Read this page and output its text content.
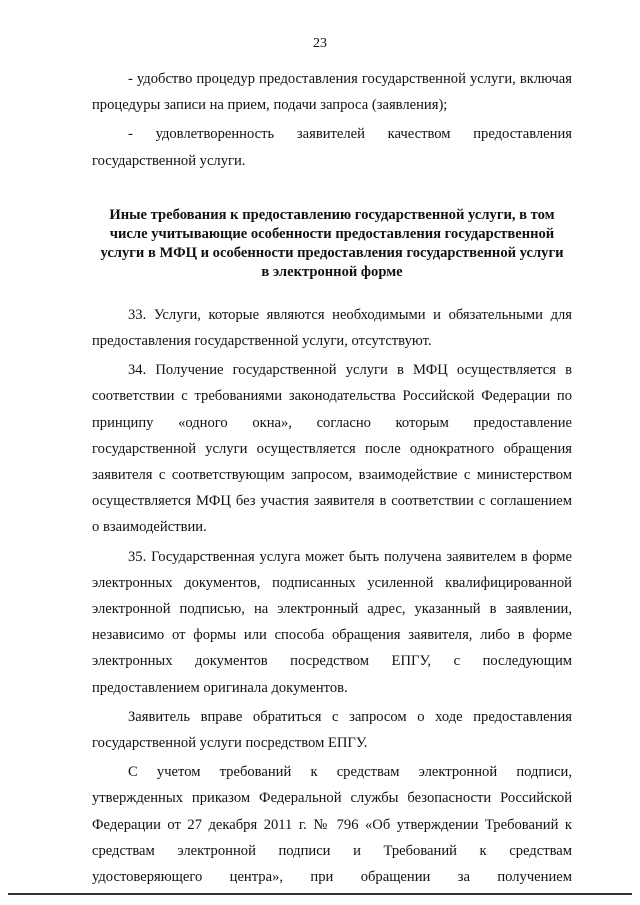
23

- удобство процедур предоставления государственной услуги, включая процедуры записи на прием, подачи запроса (заявления);

- удовлетворенность заявителей качеством предоставления государственной услуги.

Иные требования к предоставлению государственной услуги, в том числе учитывающие особенности предоставления государственной услуги в МФЦ и особенности предоставления государственной услуги в электронной форме

33. Услуги, которые являются необходимыми и обязательными для предоставления государственной услуги, отсутствуют.

34. Получение государственной услуги в МФЦ осуществляется в соответствии с требованиями законодательства Российской Федерации по принципу «одного окна», согласно которым предоставление государственной услуги осуществляется после однократного обращения заявителя с соответствующим запросом, взаимодействие с министерством осуществляется МФЦ без участия заявителя в соответствии с соглашением о взаимодействии.

35. Государственная услуга может быть получена заявителем в форме электронных документов, подписанных усиленной квалифицированной электронной подписью, на электронный адрес, указанный в заявлении, независимо от формы или способа обращения заявителя, либо в форме электронных документов посредством ЕПГУ, с последующим предоставлением оригинала документов.

Заявитель вправе обратиться с запросом о ходе предоставления государственной услуги посредством ЕПГУ.

С учетом требований к средствам электронной подписи, утвержденных приказом Федеральной службы безопасности Российской Федерации от 27 декабря 2011 г. № 796 «Об утверждении Требований к средствам электронной подписи и Требований к средствам удостоверяющего центра», при обращении за получением
